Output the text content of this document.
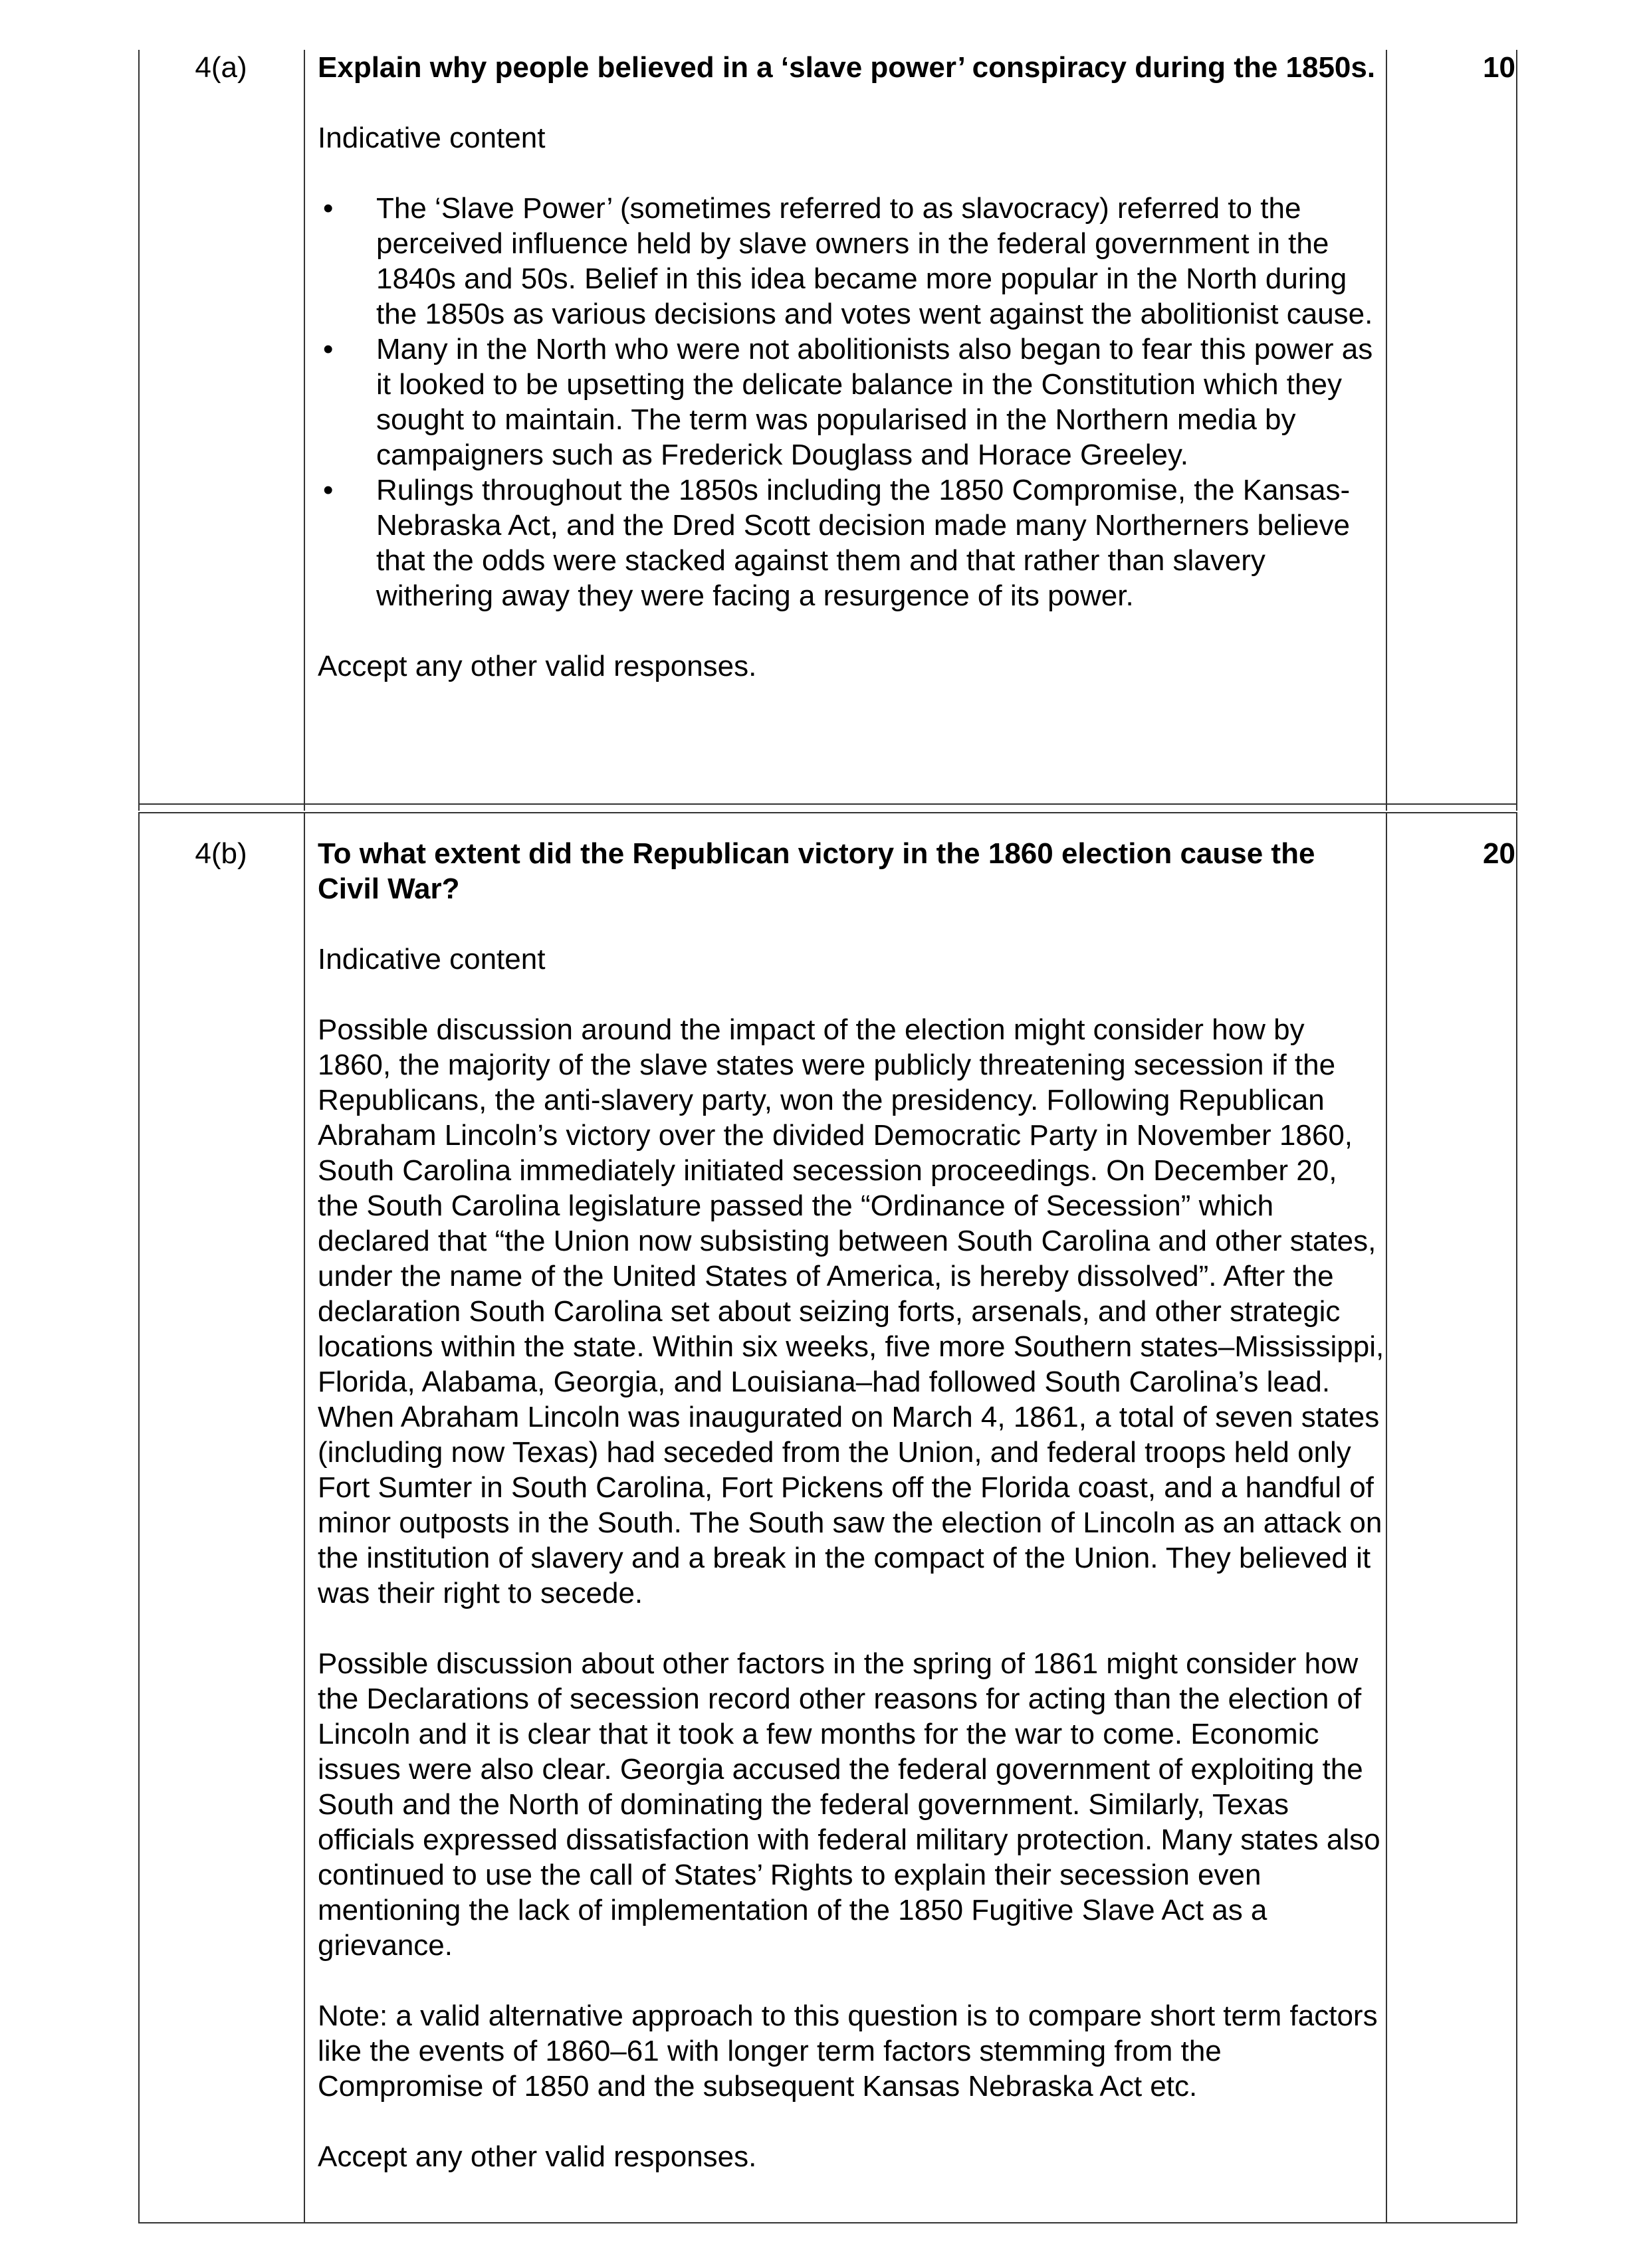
4(a)	10

Explain why people believed in a ‘slave power’ conspiracy during the 1850s.

Indicative content

• The ‘Slave Power’ (sometimes referred to as slavocracy) referred to the perceived influence held by slave owners in the federal government in the 1840s and 50s. Belief in this idea became more popular in the North during the 1850s as various decisions and votes went against the abolitionist cause.
• Many in the North who were not abolitionists also began to fear this power as it looked to be upsetting the delicate balance in the Constitution which they sought to maintain. The term was popularised in the Northern media by campaigners such as Frederick Douglass and Horace Greeley.
• Rulings throughout the 1850s including the 1850 Compromise, the Kansas-Nebraska Act, and the Dred Scott decision made many Northerners believe that the odds were stacked against them and that rather than slavery withering away they were facing a resurgence of its power.

Accept any other valid responses.

4(b)	20

To what extent did the Republican victory in the 1860 election cause the Civil War?

Indicative content

Possible discussion around the impact of the election might consider how by 1860, the majority of the slave states were publicly threatening secession if the Republicans, the anti-slavery party, won the presidency. Following Republican Abraham Lincoln’s victory over the divided Democratic Party in November 1860, South Carolina immediately initiated secession proceedings. On December 20, the South Carolina legislature passed the “Ordinance of Secession” which declared that “the Union now subsisting between South Carolina and other states, under the name of the United States of America, is hereby dissolved”. After the declaration South Carolina set about seizing forts, arsenals, and other strategic locations within the state. Within six weeks, five more Southern states–Mississippi, Florida, Alabama, Georgia, and Louisiana–had followed South Carolina’s lead. When Abraham Lincoln was inaugurated on March 4, 1861, a total of seven states (including now Texas) had seceded from the Union, and federal troops held only Fort Sumter in South Carolina, Fort Pickens off the Florida coast, and a handful of minor outposts in the South. The South saw the election of Lincoln as an attack on the institution of slavery and a break in the compact of the Union. They believed it was their right to secede.

Possible discussion about other factors in the spring of 1861 might consider how the Declarations of secession record other reasons for acting than the election of Lincoln and it is clear that it took a few months for the war to come. Economic issues were also clear. Georgia accused the federal government of exploiting the South and the North of dominating the federal government. Similarly, Texas officials expressed dissatisfaction with federal military protection. Many states also continued to use the call of States’ Rights to explain their secession even mentioning the lack of implementation of the 1850 Fugitive Slave Act as a grievance.

Note: a valid alternative approach to this question is to compare short term factors like the events of 1860–61 with longer term factors stemming from the Compromise of 1850 and the subsequent Kansas Nebraska Act etc.

Accept any other valid responses.
